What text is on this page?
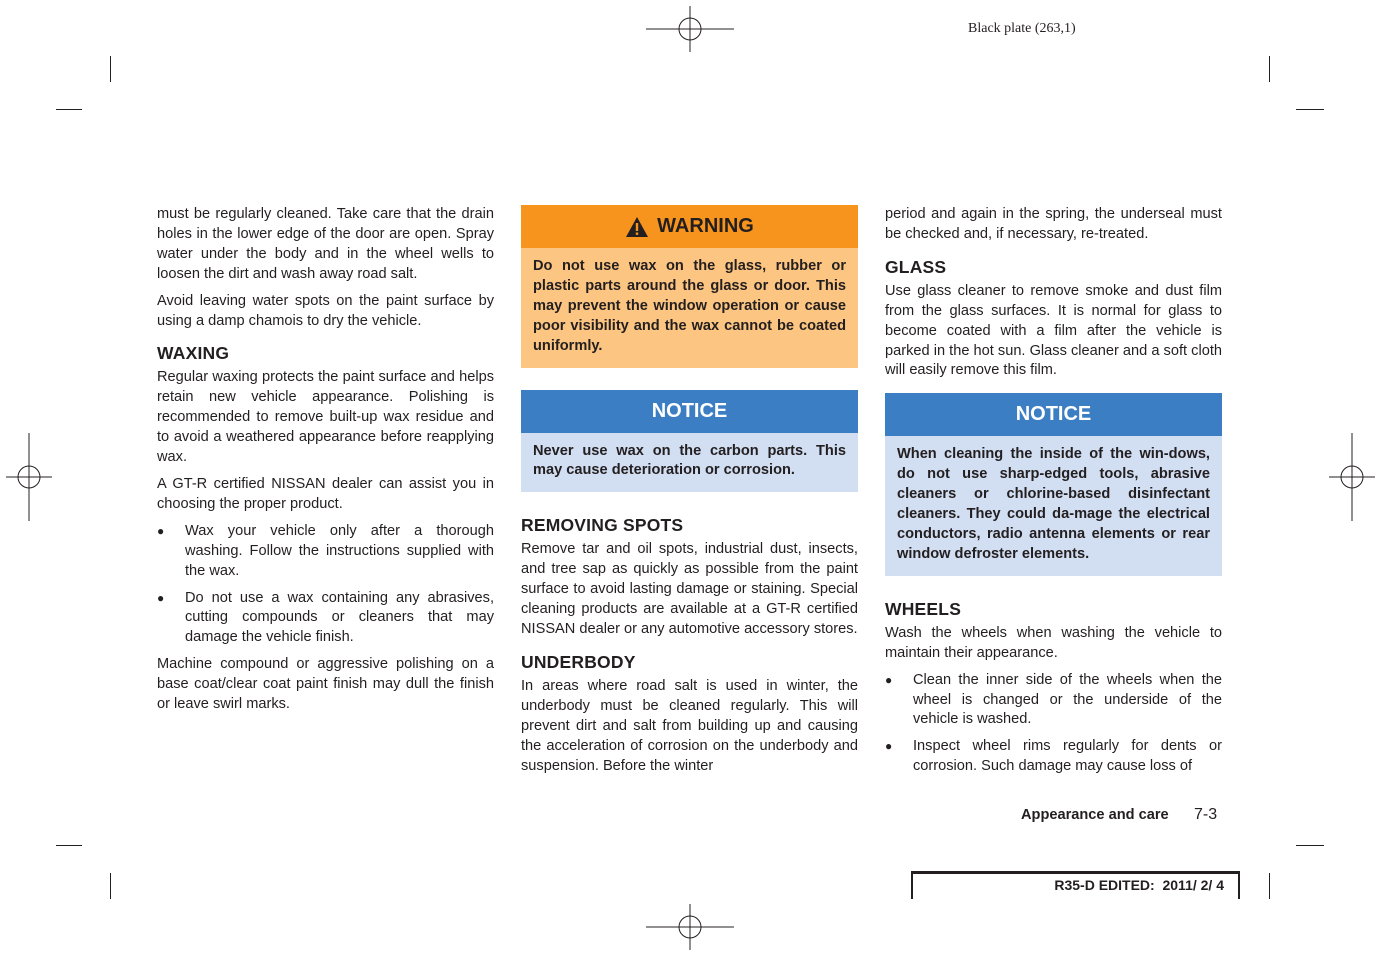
Black plate (263,1)

must be regularly cleaned. Take care that the drain holes in the lower edge of the door are open. Spray water under the body and in the wheel wells to loosen the dirt and wash away road salt.

Avoid leaving water spots on the paint surface by using a damp chamois to dry the vehicle.

WAXING

Regular waxing protects the paint surface and helps retain new vehicle appearance. Polishing is recommended to remove built-up wax residue and to avoid a weathered appearance before reapplying wax.

A GT-R certified NISSAN dealer can assist you in choosing the proper product.

● Wax your vehicle only after a thorough washing. Follow the instructions supplied with the wax.
● Do not use a wax containing any abrasives, cutting compounds or cleaners that may damage the vehicle finish.

Machine compound or aggressive polishing on a base coat/clear coat paint finish may dull the finish or leave swirl marks.

WARNING
Do not use wax on the glass, rubber or plastic parts around the glass or door. This may prevent the window operation or cause poor visibility and the wax cannot be coated uniformly.
NOTICE
Never use wax on the carbon parts. This may cause deterioration or corrosion.
REMOVING SPOTS

Remove tar and oil spots, industrial dust, insects, and tree sap as quickly as possible from the paint surface to avoid lasting damage or staining. Special cleaning products are available at a GT-R certified NISSAN dealer or any automotive accessory stores.

UNDERBODY

In areas where road salt is used in winter, the underbody must be cleaned regularly. This will prevent dirt and salt from building up and causing the acceleration of corrosion on the underbody and suspension. Before the winter

period and again in the spring, the underseal must be checked and, if necessary, re-treated.

GLASS

Use glass cleaner to remove smoke and dust film from the glass surfaces. It is normal for glass to become coated with a film after the vehicle is parked in the hot sun. Glass cleaner and a soft cloth will easily remove this film.

NOTICE
When cleaning the inside of the win-dows, do not use sharp-edged tools, abrasive cleaners or chlorine-based disinfectant cleaners. They could da-mage the electrical conductors, radio antenna elements or rear window defroster elements.
WHEELS

Wash the wheels when washing the vehicle to maintain their appearance.

● Clean the inner side of the wheels when the wheel is changed or the underside of the vehicle is washed.
● Inspect wheel rims regularly for dents or corrosion. Such damage may cause loss of
Appearance and care 7-3
R35-D EDITED:  2011/ 2/ 4
